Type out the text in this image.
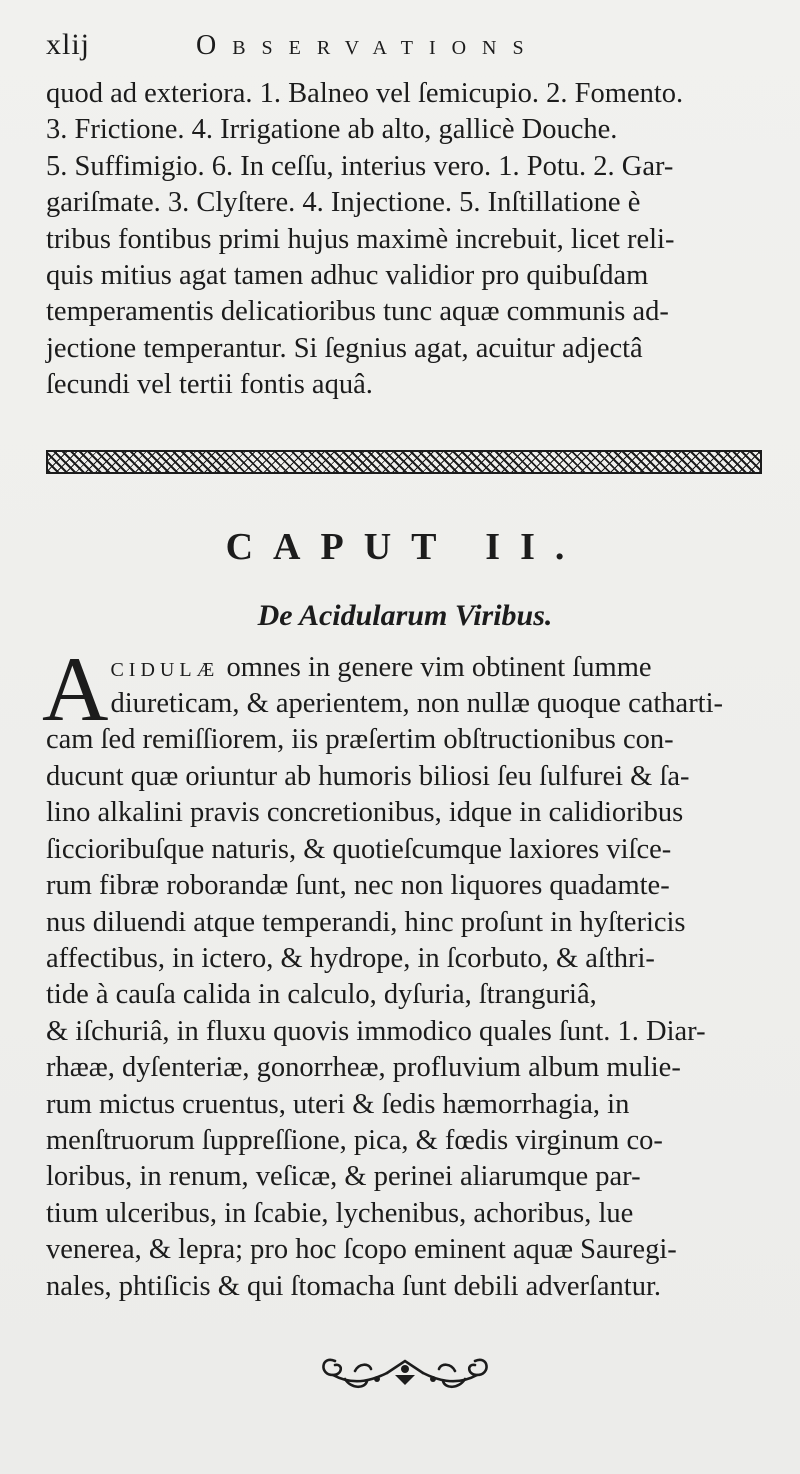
xlij	Observations

quod ad exteriora. 1. Balneo vel ſemicupio. 2. Fomento.
3. Frictione. 4. Irrigatione ab alto, gallicè Douche.
5. Suffimigio. 6. In ceſſu, interius vero. 1. Potu. 2. Gar-
gariſmate. 3. Clyſtere. 4. Injectione. 5. Inſtillatione è
tribus fontibus primi hujus maximè increbuit, licet reli-
quis mitius agat tamen adhuc validior pro quibuſdam
temperamentis delicatioribus tunc aquæ communis ad-
jectione temperantur. Si ſegnius agat, acuitur adjectâ
ſecundi vel tertii fontis aquâ.

CAPUT II.
De Acidularum Viribus.

Acidulæ omnes in genere vim obtinent ſumme
diureticam, & aperientem, non nullæ quoque catharti-
cam ſed remiſſiorem, iis præſertim obſtructionibus con-
ducunt quæ oriuntur ab humoris biliosi ſeu ſulfurei & ſa-
lino alkalini pravis concretionibus, idque in calidioribus
ſiccioribuſque naturis, & quotieſcumque laxiores viſce-
rum fibræ roborandæ ſunt, nec non liquores quadamte-
nus diluendi atque temperandi, hinc proſunt in hyſtericis
affectibus, in ictero, & hydrope, in ſcorbuto, & aſthri-
tide à cauſa calida in calculo, dyſuria, ſtranguriâ,
& iſchuriâ, in fluxu quovis immodico quales ſunt. 1. Diar-
rhææ, dyſenteriæ, gonorrheæ, profluvium album mulie-
rum mictus cruentus, uteri & ſedis hæmorrhagia, in
menſtruorum ſuppreſſione, pica, & fœdis virginum co-
loribus, in renum, veſicæ, & perinei aliarumque par-
tium ulceribus, in ſcabie, lychenibus, achoribus, lue
venerea, & lepra; pro hoc ſcopo eminent aquæ Sauregi-
nales, phtiſicis & qui ſtomacha ſunt debili adverſantur.
